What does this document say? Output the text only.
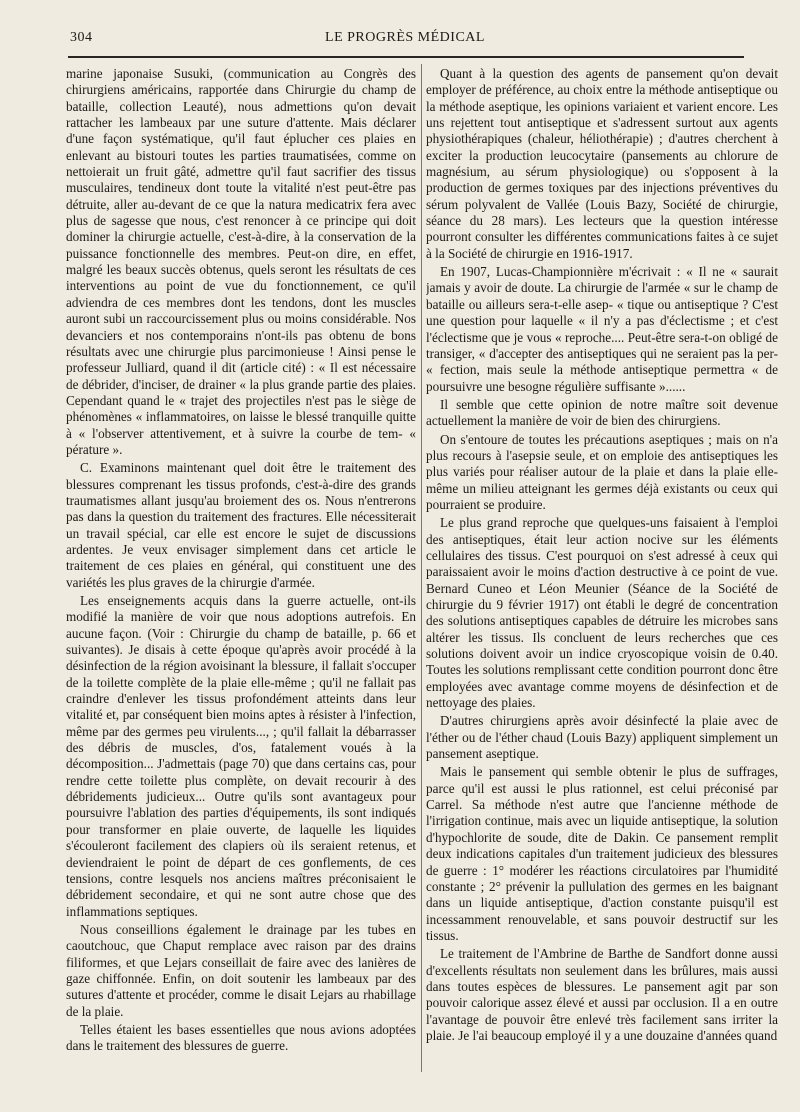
304	LE PROGRÈS MÉDICAL

marine japonaise Susuki, (communication au Congrès des chirurgiens américains, rapportée dans Chirurgie du champ de bataille, collection Leauté), nous admettions qu'on devait rattacher les lambeaux par une suture d'attente. Mais déclarer d'une façon systématique, qu'il faut éplucher ces plaies en enlevant au bistouri toutes les parties traumatisées, comme on nettoierait un fruit gâté, admettre qu'il faut sacrifier des tissus musculaires, tendineux dont toute la vitalité n'est peut-être pas détruite, aller au-devant de ce que la natura medicatrix fera avec plus de sagesse que nous, c'est renoncer à ce principe qui doit dominer la chirurgie actuelle, c'est-à-dire, à la conservation de la puissance fonctionnelle des membres. Peut-on dire, en effet, malgré les beaux succès obtenus, quels seront les résultats de ces interventions au point de vue du fonctionnement, ce qu'il adviendra de ces membres dont les tendons, dont les muscles auront subi un raccourcissement plus ou moins considérable. Nos devanciers et nos contemporains n'ont-ils pas obtenu de bons résultats avec une chirurgie plus parcimonieuse ! Ainsi pense le professeur Julliard, quand il dit (article cité) : « Il est nécessaire de débrider, d'inciser, de drainer « la plus grande partie des plaies. Cependant quand le « trajet des projectiles n'est pas le siège de phénomènes « inflammatoires, on laisse le blessé tranquille quitte à « l'observer attentivement, et à suivre la courbe de tem- « pérature ».

C. Examinons maintenant quel doit être le traitement des blessures comprenant les tissus profonds, c'est-à-dire des grands traumatismes allant jusqu'au broiement des os. Nous n'entrerons pas dans la question du traitement des fractures. Elle nécessiterait un travail spécial, car elle est encore le sujet de discussions ardentes. Je veux envisager simplement dans cet article le traitement de ces plaies en général, qui constituent une des variétés les plus graves de la chirurgie d'armée.

Les enseignements acquis dans la guerre actuelle, ont-ils modifié la manière de voir que nous adoptions autrefois. En aucune façon. (Voir : Chirurgie du champ de bataille, p. 66 et suivantes). Je disais à cette époque qu'après avoir procédé à la désinfection de la région avoisinant la blessure, il fallait s'occuper de la toilette complète de la plaie elle-même ; qu'il ne fallait pas craindre d'enlever les tissus profondément atteints dans leur vitalité et, par conséquent bien moins aptes à résister à l'infection, même par des germes peu virulents..., ; qu'il fallait la débarrasser des débris de muscles, d'os, fatalement voués à la décomposition... J'admettais (page 70) que dans certains cas, pour rendre cette toilette plus complète, on devait recourir à des débridements judicieux... Outre qu'ils sont avantageux pour poursuivre l'ablation des parties d'équipements, ils sont indiqués pour transformer en plaie ouverte, de laquelle les liquides s'écouleront facilement des clapiers où ils seraient retenus, et deviendraient le point de départ de ces gonflements, de ces tensions, contre lesquels nos anciens maîtres préconisaient le débridement secondaire, et qui ne sont autre chose que des inflammations septiques.

Nous conseillions également le drainage par les tubes en caoutchouc, que Chaput remplace avec raison par des drains filiformes, et que Lejars conseillait de faire avec des lanières de gaze chiffonnée. Enfin, on doit soutenir les lambeaux par des sutures d'attente et procéder, comme le disait Lejars au rhabillage de la plaie.

Telles étaient les bases essentielles que nous avions adoptées dans le traitement des blessures de guerre.

Quant à la question des agents de pansement qu'on devait employer de préférence, au choix entre la méthode antiseptique ou la méthode aseptique, les opinions variaient et varient encore. Les uns rejettent tout antiseptique et s'adressent surtout aux agents physiothérapiques (chaleur, héliothérapie) ; d'autres cherchent à exciter la production leucocytaire (pansements au chlorure de magnésium, au sérum physiologique) ou s'opposent à la production de germes toxiques par des injections préventives du sérum polyvalent de Vallée (Louis Bazy, Société de chirurgie, séance du 28 mars). Les lecteurs que la question intéresse pourront consulter les différentes communications faites à ce sujet à la Société de chirurgie en 1916-1917.

En 1907, Lucas-Championnière m'écrivait : « Il ne « saurait jamais y avoir de doute. La chirurgie de l'armée « sur le champ de bataille ou ailleurs sera-t-elle asep- « tique ou antiseptique ? C'est une question pour laquelle « il n'y a pas d'éclectisme ; et c'est l'éclectisme que je vous « reproche.... Peut-être sera-t-on obligé de transiger, « d'accepter des antiseptiques qui ne seraient pas la per- « fection, mais seule la méthode antiseptique permettra « de poursuivre une besogne régulière suffisante »......

Il semble que cette opinion de notre maître soit devenue actuellement la manière de voir de bien des chirurgiens.

On s'entoure de toutes les précautions aseptiques ; mais on n'a plus recours à l'asepsie seule, et on emploie des antiseptiques les plus variés pour réaliser autour de la plaie et dans la plaie elle-même un milieu atteignant les germes déjà existants ou ceux qui pourraient se produire.

Le plus grand reproche que quelques-uns faisaient à l'emploi des antiseptiques, était leur action nocive sur les éléments cellulaires des tissus. C'est pourquoi on s'est adressé à ceux qui paraissaient avoir le moins d'action destructive à ce point de vue. Bernard Cuneo et Léon Meunier (Séance de la Société de chirurgie du 9 février 1917) ont établi le degré de concentration des solutions antiseptiques capables de détruire les microbes sans altérer les tissus. Ils concluent de leurs recherches que ces solutions doivent avoir un indice cryoscopique voisin de 0.40. Toutes les solutions remplissant cette condition pourront donc être employées avec avantage comme moyens de désinfection et de nettoyage des plaies.

D'autres chirurgiens après avoir désinfecté la plaie avec de l'éther ou de l'éther chaud (Louis Bazy) appliquent simplement un pansement aseptique.

Mais le pansement qui semble obtenir le plus de suffrages, parce qu'il est aussi le plus rationnel, est celui préconisé par Carrel. Sa méthode n'est autre que l'ancienne méthode de l'irrigation continue, mais avec un liquide antiseptique, la solution d'hypochlorite de soude, dite de Dakin. Ce pansement remplit deux indications capitales d'un traitement judicieux des blessures de guerre : 1° modérer les réactions circulatoires par l'humidité constante ; 2° prévenir la pullulation des germes en les baignant dans un liquide antiseptique, d'action constante puisqu'il est incessamment renouvelable, et sans pouvoir destructif sur les tissus.

Le traitement de l'Ambrine de Barthe de Sandfort donne aussi d'excellents résultats non seulement dans les brûlures, mais aussi dans toutes espèces de blessures. Le pansement agit par son pouvoir calorique assez élevé et aussi par occlusion. Il a en outre l'avantage de pouvoir être enlevé très facilement sans irriter la plaie. Je l'ai beaucoup employé il y a une douzaine d'années quand
